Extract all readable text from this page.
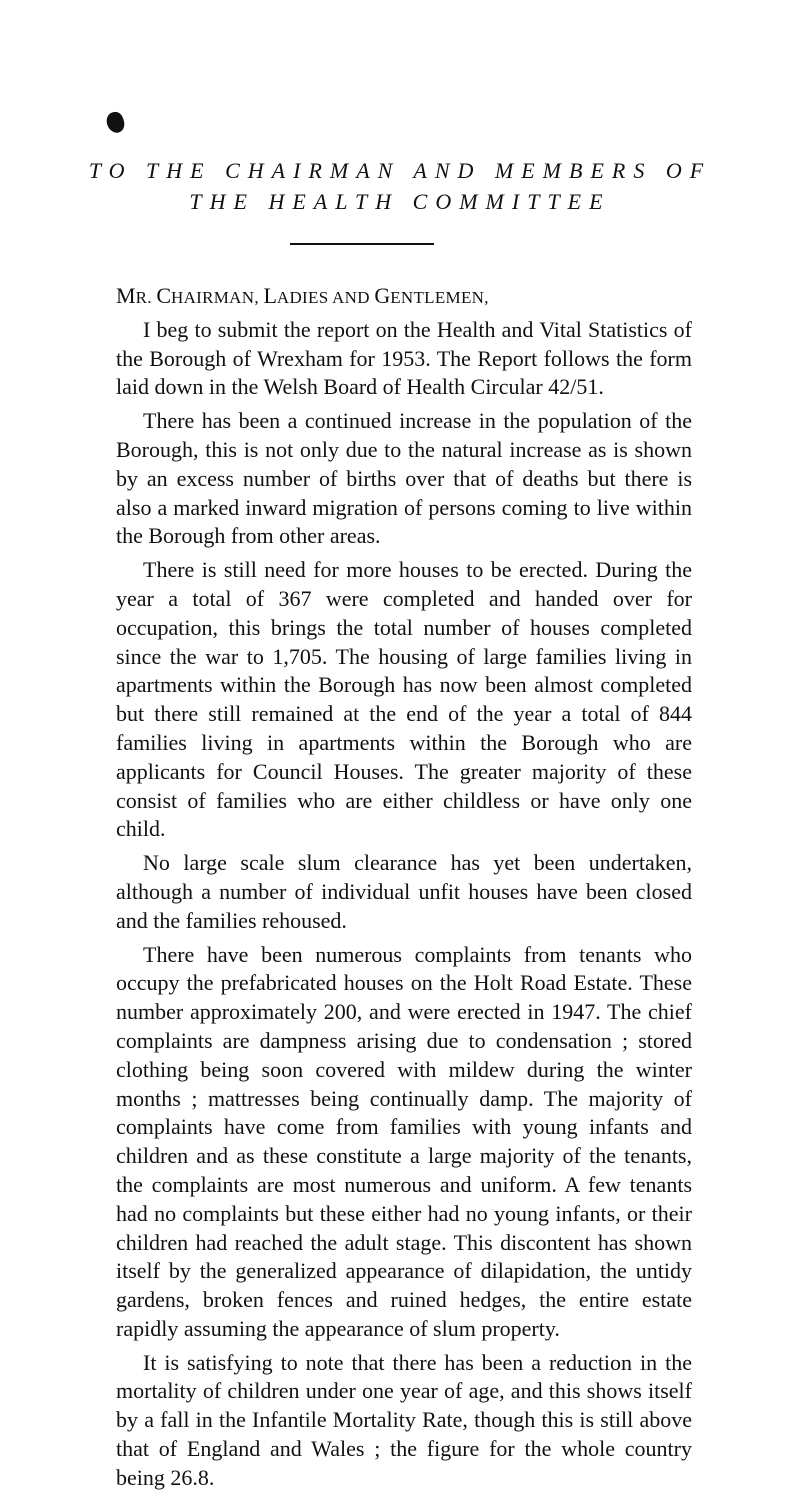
TO THE CHAIRMAN AND MEMBERS OF
THE HEALTH COMMITTEE
MR. CHAIRMAN, LADIES AND GENTLEMEN,

I beg to submit the report on the Health and Vital Statistics of the Borough of Wrexham for 1953. The Report follows the form laid down in the Welsh Board of Health Circular 42/51.

There has been a continued increase in the population of the Borough, this is not only due to the natural increase as is shown by an excess number of births over that of deaths but there is also a marked inward migration of persons coming to live within the Borough from other areas.

There is still need for more houses to be erected. During the year a total of 367 were completed and handed over for occupation, this brings the total number of houses completed since the war to 1,705. The housing of large families living in apartments within the Borough has now been almost completed but there still remained at the end of the year a total of 844 families living in apartments within the Borough who are applicants for Council Houses. The greater majority of these consist of families who are either childless or have only one child.

No large scale slum clearance has yet been undertaken, although a number of individual unfit houses have been closed and the families rehoused.

There have been numerous complaints from tenants who occupy the prefabricated houses on the Holt Road Estate. These number approximately 200, and were erected in 1947. The chief complaints are dampness arising due to condensation ; stored clothing being soon covered with mildew during the winter months ; mattresses being continually damp. The majority of complaints have come from families with young infants and children and as these constitute a large majority of the tenants, the complaints are most numerous and uniform. A few tenants had no complaints but these either had no young infants, or their children had reached the adult stage. This discontent has shown itself by the generalized appearance of dilapidation, the untidy gardens, broken fences and ruined hedges, the entire estate rapidly assuming the appearance of slum property.

It is satisfying to note that there has been a reduction in the mortality of children under one year of age, and this shows itself by a fall in the Infantile Mortality Rate, though this is still above that of England and Wales ; the figure for the whole country being 26.8.
